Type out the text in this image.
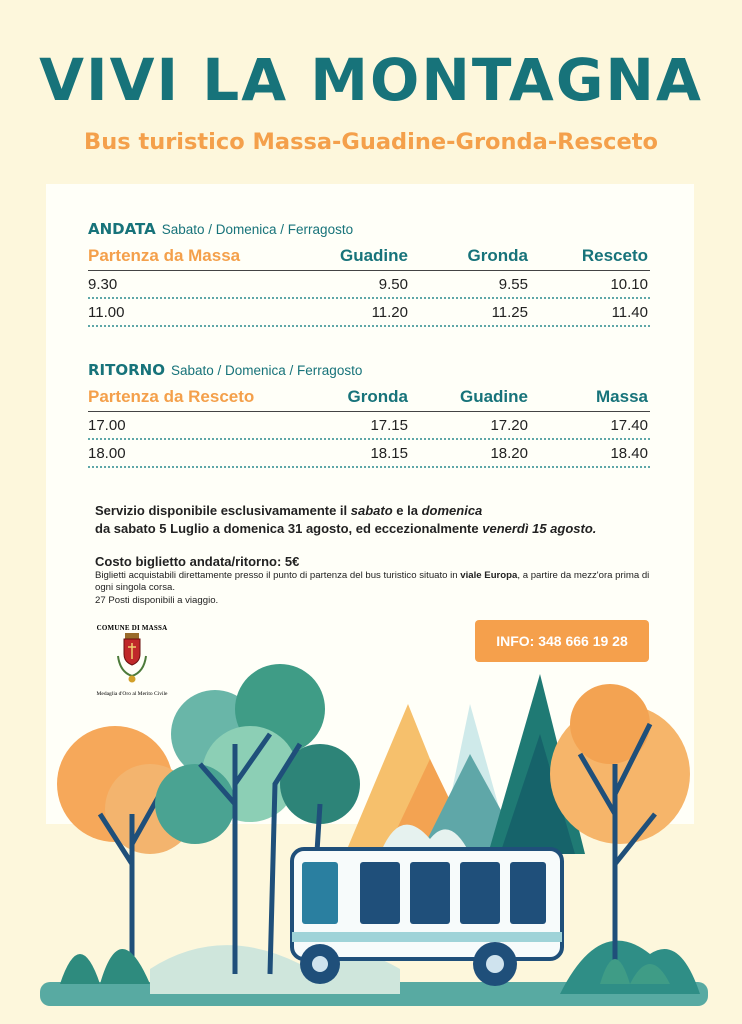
VIVI LA MONTAGNA
Bus turistico Massa-Guadine-Gronda-Resceto
ANDATA Sabato / Domenica / Ferragosto
Partenza da Massa	Guadine	Gronda	Resceto
9.30	9.50	9.55	10.10
11.00	11.20	11.25	11.40
RITORNO Sabato / Domenica / Ferragosto
Partenza da Resceto	Gronda	Guadine	Massa
17.00	17.15	17.20	17.40
18.00	18.15	18.20	18.40
Servizio disponibile esclusivamamente il sabato e la domenica
da sabato 5 Luglio a domenica 31 agosto, ed eccezionalmente venerdì 15 agosto.
Costo biglietto andata/ritorno: 5€
Biglietti acquistabili direttamente presso il punto di partenza del bus turistico situato in viale Europa, a partire da mezz'ora prima di ogni singola corsa.
27 Posti disponibili a viaggio.
COMUNE DI MASSA
Medaglia d'Oro al Merito Civile
INFO: 348 666 19 28
